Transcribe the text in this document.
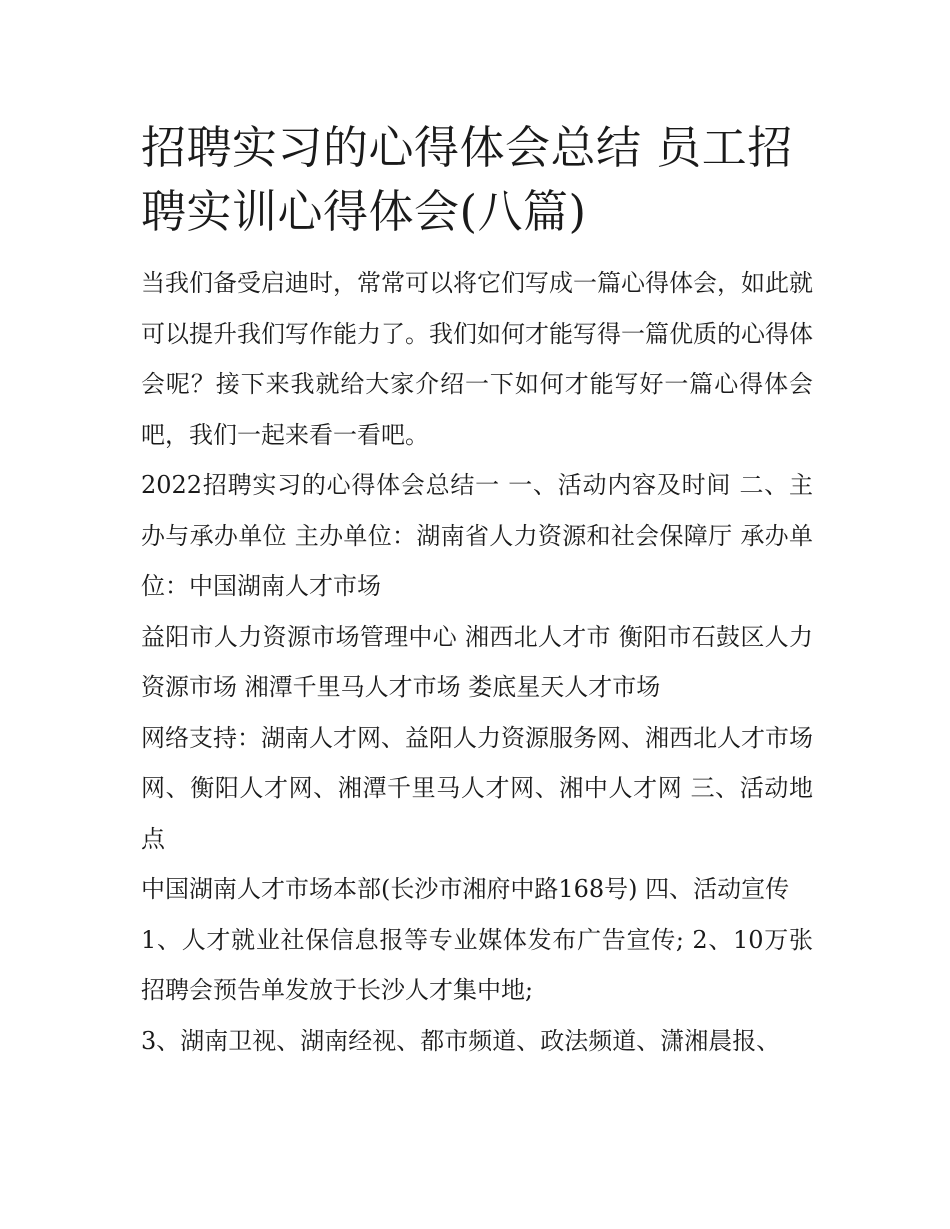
招聘实习的心得体会总结 员工招聘实训心得体会(八篇)

当我们备受启迪时，常常可以将它们写成一篇心得体会，如此就可以提升我们写作能力了。我们如何才能写得一篇优质的心得体会呢？接下来我就给大家介绍一下如何才能写好一篇心得体会吧，我们一起来看一看吧。

2022招聘实习的心得体会总结一 一、活动内容及时间 二、主办与承办单位 主办单位：湖南省人力资源和社会保障厅 承办单位：中国湖南人才市场

益阳市人力资源市场管理中心 湘西北人才市 衡阳市石鼓区人力资源市场 湘潭千里马人才市场 娄底星天人才市场

网络支持：湖南人才网、益阳人力资源服务网、湘西北人才市场网、衡阳人才网、湘潭千里马人才网、湘中人才网 三、活动地点

中国湖南人才市场本部(长沙市湘府中路168号) 四、活动宣传

1、人才就业社保信息报等专业媒体发布广告宣传; 2、10万张招聘会预告单发放于长沙人才集中地;

3、湖南卫视、湖南经视、都市频道、政法频道、潇湘晨报、
